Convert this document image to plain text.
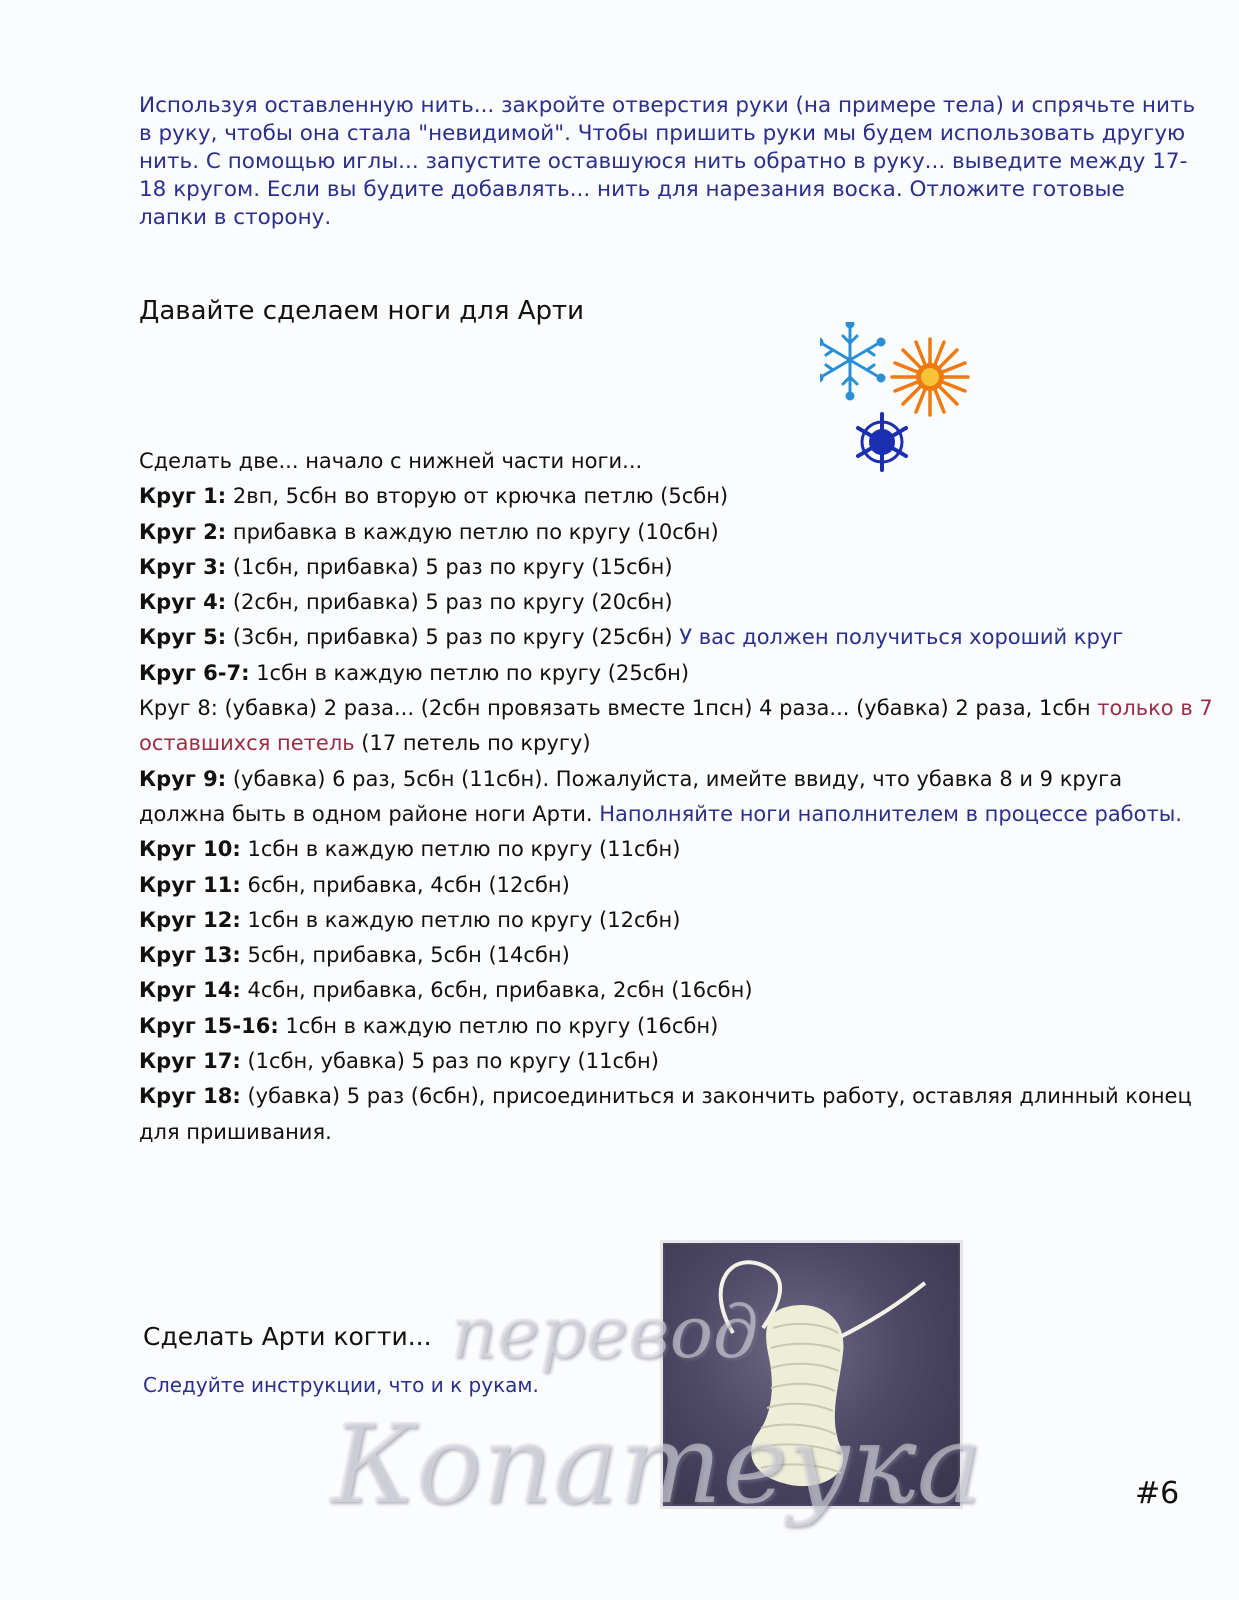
Используя оставленную нить... закройте отверстия руки (на примере тела) и спрячьте нить в руку, чтобы она стала "невидимой". Чтобы пришить руки мы будем использовать другую нить. С помощью иглы... запустите оставшуюся нить обратно в руку... выведите между 17-18 кругом. Если вы будите добавлять... нить для нарезания воска. Отложите готовые лапки в сторону.
Давайте сделаем ноги для Арти
Сделать две... начало с нижней части ноги...
Круг 1: 2вп, 5сбн во вторую от крючка петлю (5сбн)
Круг 2: прибавка в каждую петлю по кругу (10сбн)
Круг 3: (1сбн, прибавка) 5 раз по кругу (15сбн)
Круг 4: (2сбн, прибавка) 5 раз по кругу (20сбн)
Круг 5: (3сбн, прибавка) 5 раз по кругу (25сбн) У вас должен получиться хороший круг
Круг 6-7: 1сбн в каждую петлю по кругу (25сбн)
Круг 8: (убавка) 2 раза... (2сбн провязать вместе 1псн) 4 раза... (убавка) 2 раза, 1сбн только в 7 оставшихся петель (17 петель по кругу)
Круг 9: (убавка) 6 раз, 5сбн (11сбн). Пожалуйста, имейте ввиду, что убавка 8 и 9 круга должна быть в одном районе ноги Арти. Наполняйте ноги наполнителем в процессе работы.
Круг 10: 1сбн в каждую петлю по кругу (11сбн)
Круг 11: 6сбн, прибавка, 4сбн (12сбн)
Круг 12: 1сбн в каждую петлю по кругу (12сбн)
Круг 13: 5сбн, прибавка, 5сбн (14сбн)
Круг 14: 4сбн, прибавка, 6сбн, прибавка, 2сбн (16сбн)
Круг 15-16: 1сбн в каждую петлю по кругу (16сбн)
Круг 17: (1сбн, убавка) 5 раз по кругу (11сбн)
Круг 18: (убавка) 5 раз (6сбн), присоединиться и закончить работу, оставляя длинный конец для пришивания.
Сделать Арти когти...
Следуйте инструкции, что и к рукам.
перевод
Копатеука	#6
